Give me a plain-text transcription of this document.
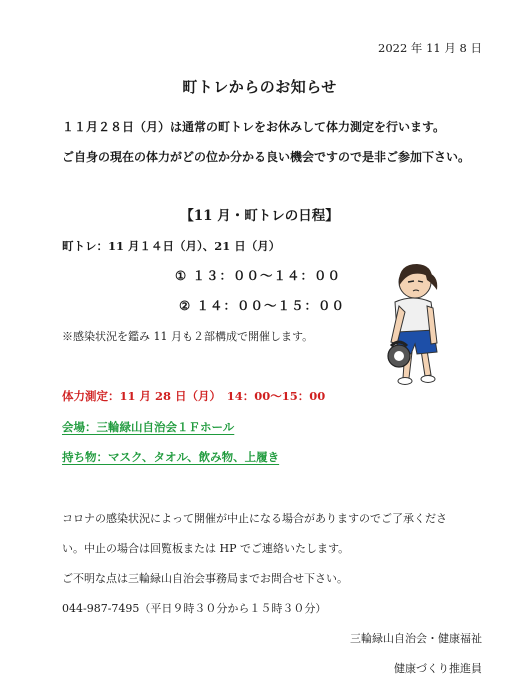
2022 年 11 月 8 日
町トレからのお知らせ
１１月２８日（月）は通常の町トレをお休みして体力測定を行います。
ご自身の現在の体力がどの位か分かる良い機会ですので是非ご参加下さい。
【11 月・町トレの日程】
町トレ：11 月１４日（月）、21 日（月）
① １３：００～１４：００
② １４：００～１５：００
※感染状況を鑑み 11 月も２部構成で開催します。
体力測定：11 月 28 日（月）　14：00～15：00
会場：三輪緑山自治会１Ｆホール
持ち物：マスク、タオル、飲み物、上履き
コロナの感染状況によって開催が中止になる場合がありますのでご了承くださ
い。中止の場合は回覧板または HP でご連絡いたします。
ご不明な点は三輪緑山自治会事務局までお問合せ下さい。
044-987-7495（平日９時３０分から１５時３０分）
三輪緑山自治会・健康福祉
健康づくり推進員
